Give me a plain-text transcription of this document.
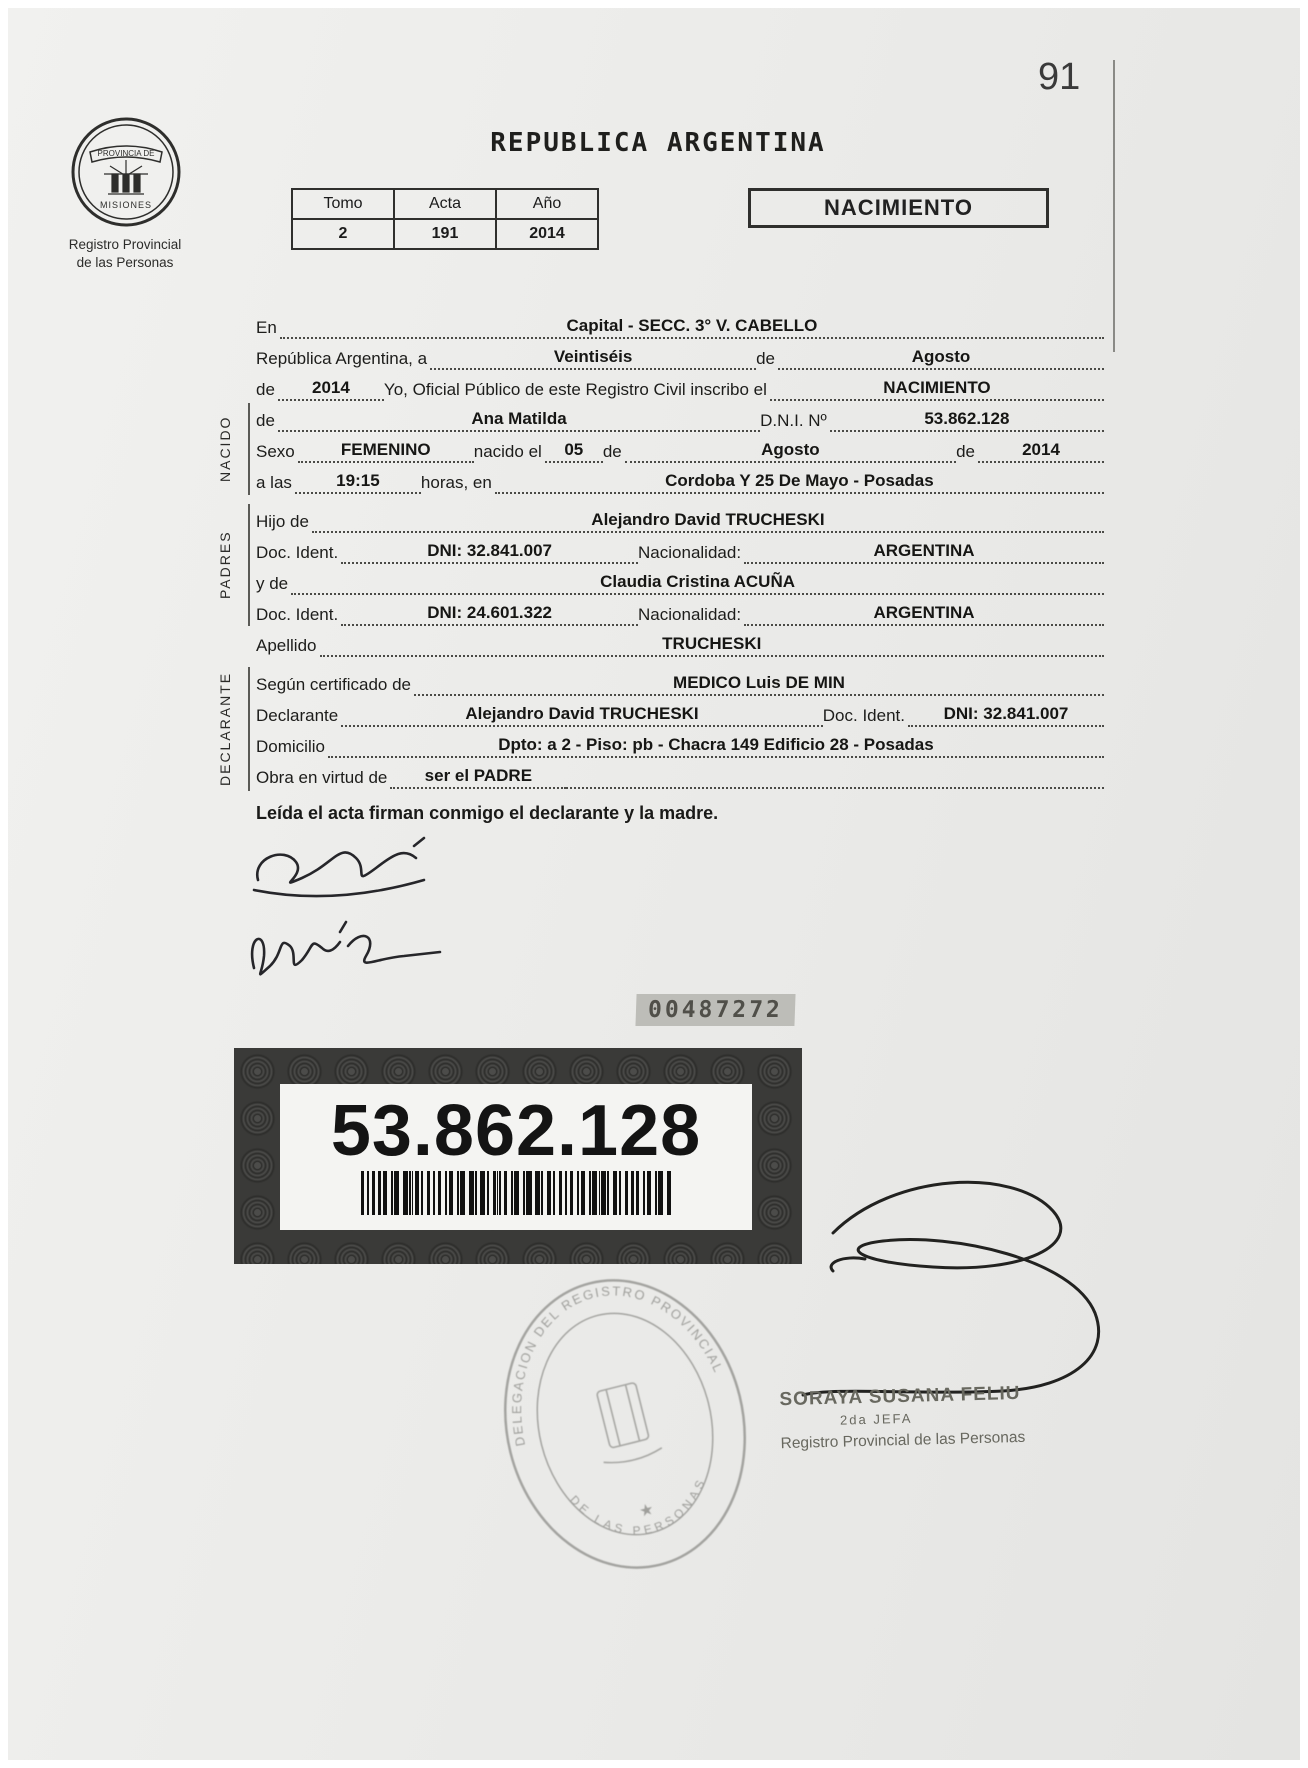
91
PROVINCIA DE
MISIONES
Registro Provincial
de las Personas
REPUBLICA ARGENTINA
Tomo	Acta	Año
2	191	2014
NACIMIENTO
NACIDO
PADRES
DECLARANTE
En	Capital - SECC. 3° V. CABELLO
República Argentina, a	Veintiséis	de	Agosto
de	2014	Yo, Oficial Público de este Registro Civil inscribo el	NACIMIENTO
de	Ana Matilda	D.N.I. Nº	53.862.128
Sexo	FEMENINO	nacido el	05	de	Agosto	de	2014
a las	19:15	horas, en	Cordoba Y 25 De Mayo - Posadas
Hijo de	Alejandro David TRUCHESKI
Doc. Ident.	DNI: 32.841.007	Nacionalidad:	ARGENTINA
y de	Claudia Cristina ACUÑA
Doc. Ident.	DNI: 24.601.322	Nacionalidad:	ARGENTINA
Apellido	TRUCHESKI
Según certificado de	MEDICO Luis DE MIN
Declarante	Alejandro David TRUCHESKI	Doc. Ident.	DNI: 32.841.007
Domicilio	Dpto: a 2 - Piso: pb - Chacra 149 Edificio 28 - Posadas
Obra en virtud de	ser el PADRE
Leída el acta firman conmigo el declarante y la madre.
00487272
53.862.128
DELEGACION DEL REGISTRO PROVINCIAL
DE LAS PERSONAS
★
SORAYA SUSANA FELIU
2da JEFA
Registro Provincial de las Personas
